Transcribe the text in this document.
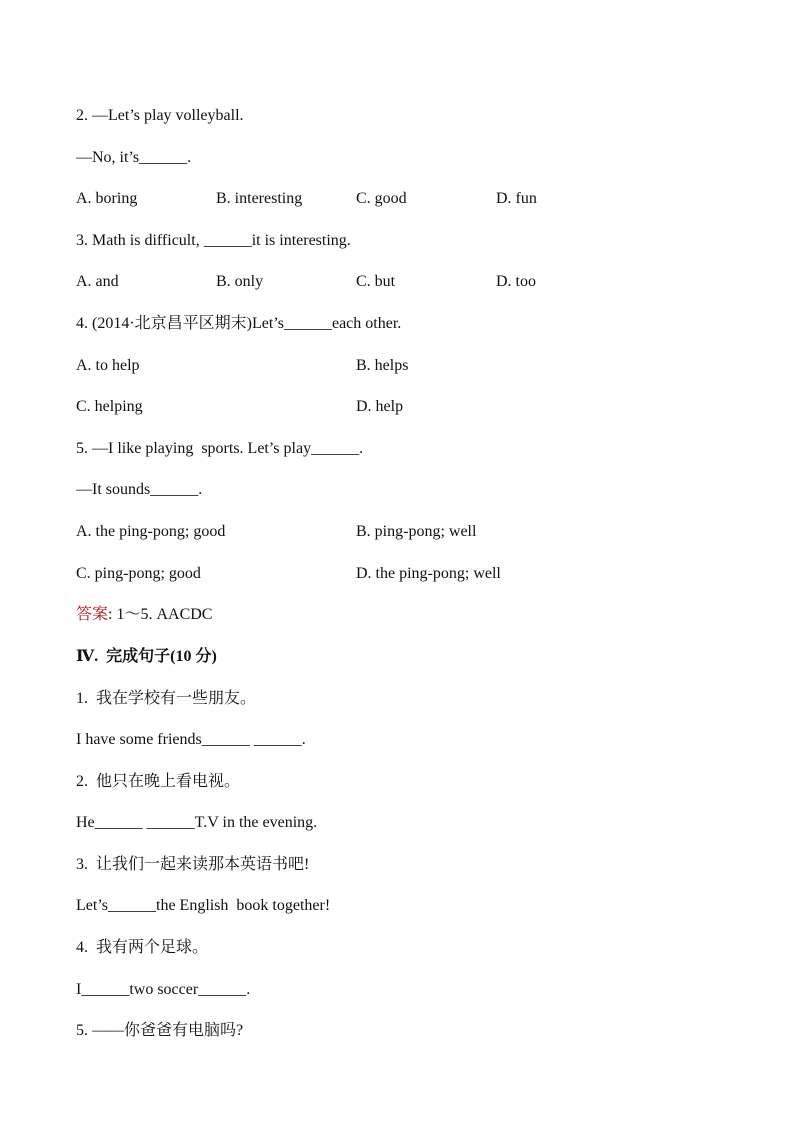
2. —Let’s play volleyball.
—No, it’s______.
A. boring	B. interesting	C. good	D. fun
3. Math is difficult, ______it is interesting.
A. and	B. only	C. but	D. too
4. (2014·北京昌平区期末)Let’s______each other.
A. to help	B. helps
C. helping	D. help
5. —I like playing  sports. Let’s play______.
—It sounds______.
A. the ping-pong; good	B. ping-pong; well
C. ping-pong; good	D. the ping-pong; well
答案: 1～5. AACDC
Ⅳ.  完成句子(10 分)
1.  我在学校有一些朋友。
I have some friends______ ______.
2.  他只在晚上看电视。
He______ ______T.V in the evening.
3.  让我们一起来读那本英语书吧!
Let’s______the English  book together!
4.  我有两个足球。
I______two soccer______.
5. ——你爸爸有电脑吗?
